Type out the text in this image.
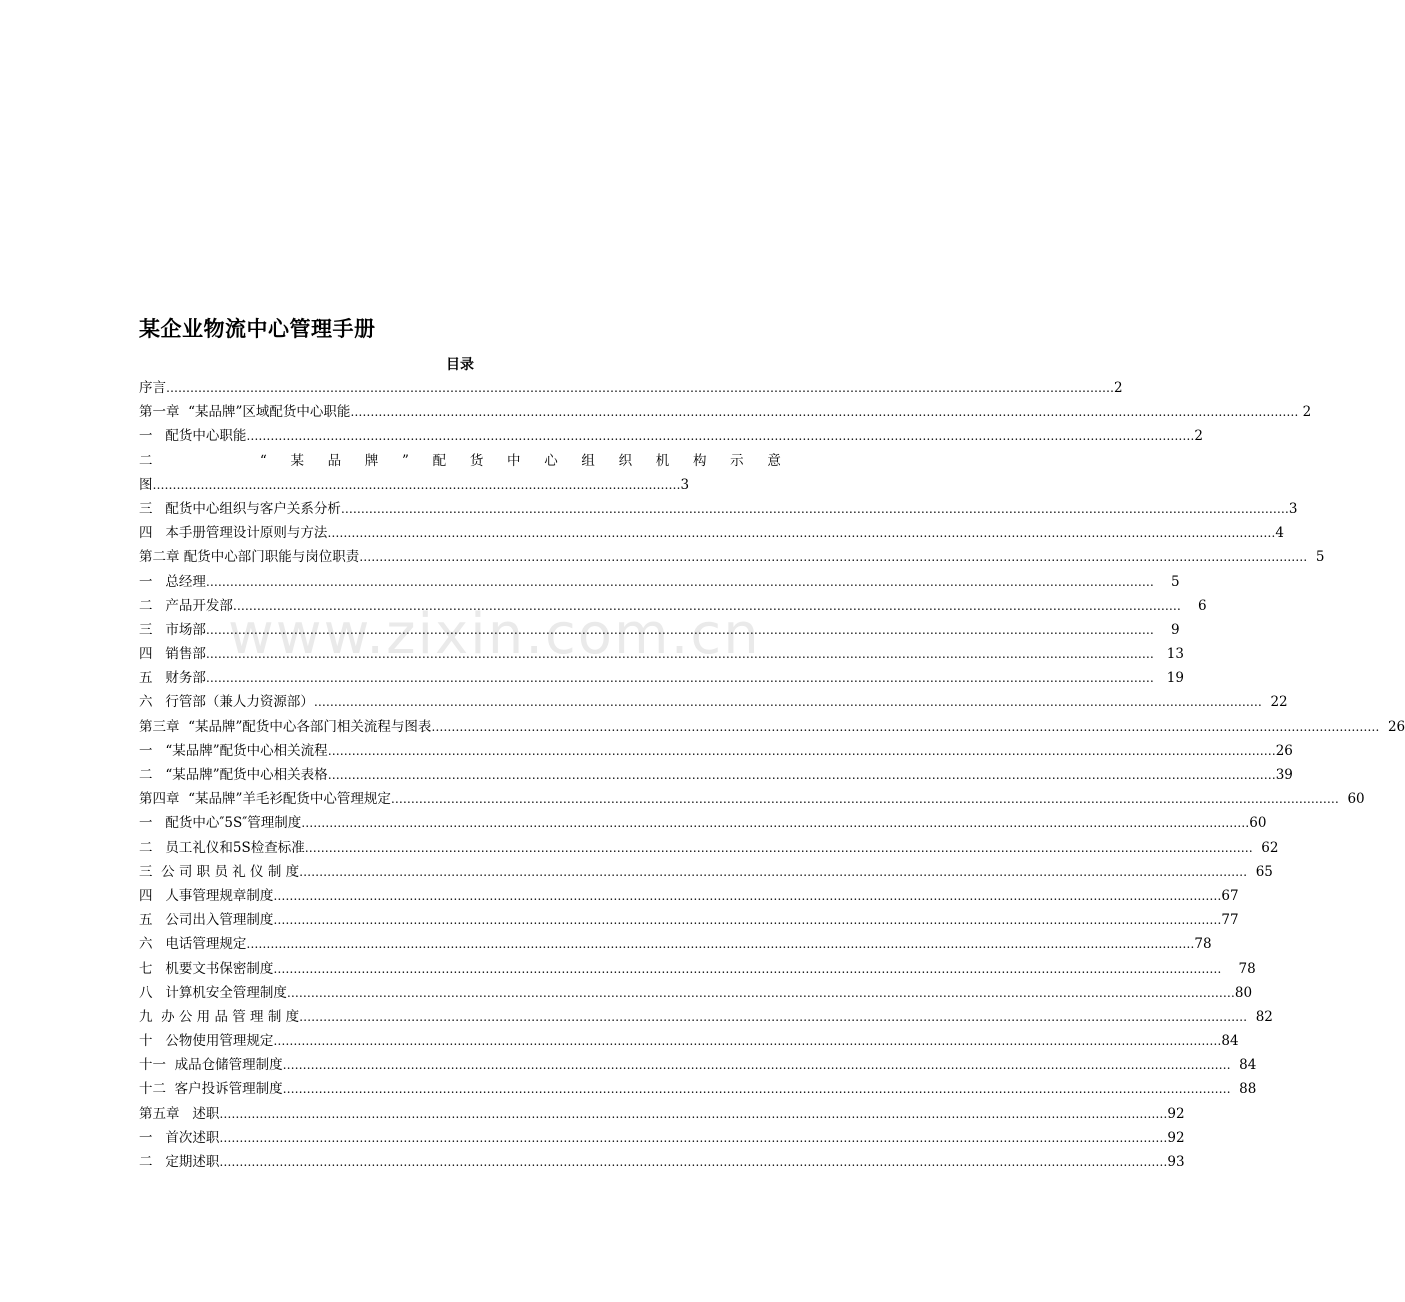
www.zixin.com.cn
某企业物流中心管理手册
目录
序言 …………………………………………………………………………………………………………………………………………………………………………………………………………………	2
第一章  “某品牌”区域配货中心职能 …………………………………………………………………………………………………………………………………………………………………………………………………………………	2
一   配货中心职能 …………………………………………………………………………………………………………………………………………………………………………………………………………………	2
二	“ 某 品 牌 ” 配 货 中 心 组 织 机 构 示 意
图 …………………………………………………………………………………………………………………… 3
三   配货中心组织与客户关系分析 …………………………………………………………………………………………………………………………………………………………………………………………………………………	3
四   本手册管理设计原则与方法 …………………………………………………………………………………………………………………………………………………………………………………………………………………	4
第二章 配货中心部门职能与岗位职责 …………………………………………………………………………………………………………………………………………………………………………………………………………………	5
一   总经理 …………………………………………………………………………………………………………………………………………………………………………………………………………………	5
二   产品开发部 …………………………………………………………………………………………………………………………………………………………………………………………………………………	6
三   市场部 …………………………………………………………………………………………………………………………………………………………………………………………………………………	9
四   销售部 …………………………………………………………………………………………………………………………………………………………………………………………………………………	13
五   财务部 …………………………………………………………………………………………………………………………………………………………………………………………………………………	19
六   行管部（兼人力资源部） …………………………………………………………………………………………………………………………………………………………………………………………………………………	22
第三章  “某品牌”配货中心各部门相关流程与图表 …………………………………………………………………………………………………………………………………………………………………………………………………………………	26
一   “某品牌”配货中心相关流程 …………………………………………………………………………………………………………………………………………………………………………………………………………………	26
二   “某品牌”配货中心相关表格 …………………………………………………………………………………………………………………………………………………………………………………………………………………	39
第四章  “某品牌”羊毛衫配货中心管理规定 …………………………………………………………………………………………………………………………………………………………………………………………………………………	60
一   配货中心″5S″管理制度 …………………………………………………………………………………………………………………………………………………………………………………………………………………	60
二   员工礼仪和5S检查标准 …………………………………………………………………………………………………………………………………………………………………………………………………………………	62
三  公 司 职 员 礼 仪 制 度 …………………………………………………………………………………………………………………………………………………………………………………………………………………	65
四   人事管理规章制度 …………………………………………………………………………………………………………………………………………………………………………………………………………………	67
五   公司出入管理制度 …………………………………………………………………………………………………………………………………………………………………………………………………………………	77
六   电话管理规定 …………………………………………………………………………………………………………………………………………………………………………………………………………………	78
七   机要文书保密制度 …………………………………………………………………………………………………………………………………………………………………………………………………………………	78
八   计算机安全管理制度 …………………………………………………………………………………………………………………………………………………………………………………………………………………	80
九  办 公 用 品 管 理 制 度 …………………………………………………………………………………………………………………………………………………………………………………………………………………	82
十   公物使用管理规定 …………………………………………………………………………………………………………………………………………………………………………………………………………………	84
十一  成品仓储管理制度 …………………………………………………………………………………………………………………………………………………………………………………………………………………	84
十二  客户投诉管理制度 …………………………………………………………………………………………………………………………………………………………………………………………………………………	88
第五章   述职 …………………………………………………………………………………………………………………………………………………………………………………………………………………	92
一   首次述职 …………………………………………………………………………………………………………………………………………………………………………………………………………………	92
二   定期述职 …………………………………………………………………………………………………………………………………………………………………………………………………………………	93
